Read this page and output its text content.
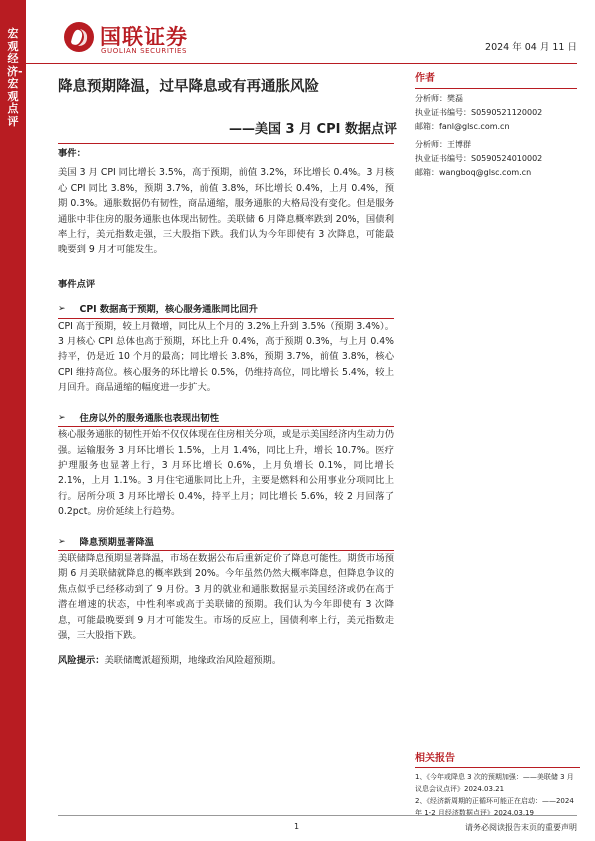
宏观经济-宏观点评
国联证券
GUOLIAN SECURITIES	2024 年 04 月 11 日
降息预期降温，过早降息或有再通胀风险
——美国 3 月 CPI 数据点评

事件：

美国 3 月 CPI 同比增长 3.5%，高于预期，前值 3.2%，环比增长 0.4%。3 月核心 CPI 同比 3.8%，预期 3.7%，前值 3.8%，环比增长 0.4%，上月 0.4%，预期 0.3%。通胀数据仍有韧性，商品通缩，服务通胀的大格局没有变化。但是服务通胀中非住房的服务通胀也体现出韧性。美联储 6 月降息概率跌到 20%，国债利率上行，美元指数走强，三大股指下跌。我们认为今年即使有 3 次降息，可能最晚要到 9 月才可能发生。

事件点评

➢ CPI 数据高于预期，核心服务通胀同比回升

CPI 高于预期，较上月微增，同比从上个月的 3.2%上升到 3.5%（预期 3.4%）。3 月核心 CPI 总体也高于预期，环比上升 0.4%，高于预期 0.3%，与上月 0.4%持平，仍是近 10 个月的最高；同比增长 3.8%，预期 3.7%，前值 3.8%，核心 CPI 维持高位。核心服务的环比增长 0.5%，仍维持高位，同比增长 5.4%，较上月回升。商品通缩的幅度进一步扩大。

➢ 住房以外的服务通胀也表现出韧性

核心服务通胀的韧性开始不仅仅体现在住房相关分项，或是示美国经济内生动力仍强。运输服务 3 月环比增长 1.5%，上月 1.4%，同比上升，增长 10.7%。医疗护理服务也显著上行，3 月环比增长 0.6%，上月负增长 0.1%，同比增长 2.1%，上月 1.1%。3 月住宅通胀同比上升，主要是燃料和公用事业分项同比上行。居所分项 3 月环比增长 0.4%，持平上月；同比增长 5.6%，较 2 月回落了 0.2pct。房价延续上行趋势。

➢ 降息预期显著降温

美联储降息预期显著降温，市场在数据公布后重新定价了降息可能性。期货市场预期 6 月美联储就降息的概率跌到 20%。今年虽然仍然大概率降息，但降息争议的焦点似乎已经移动到了 9 月份。3 月的就业和通胀数据显示美国经济或仍在高于潜在增速的状态，中性利率或高于美联储的预期。我们认为今年即使有 3 次降息，可能最晚要到 9 月才可能发生。市场的反应上，国债利率上行，美元指数走强，三大股指下跌。

风险提示：美联储鹰派超预期，地缘政治风险超预期。

作者
分析师：樊磊
执业证书编号：S0590521120002
邮箱：fanl@glsc.com.cn
分析师：王博群
执业证书编号：S0590524010002
邮箱：wangboq@glsc.com.cn
相关报告
1、《今年或降息 3 次的预期加强：——美联储 3 月议息会议点评》2024.03.21
2、《经济新周期的正循环可能正在启动：——2024 年 1-2 月经济数据点评》2024.03.19
1	请务必阅读报告末页的重要声明
